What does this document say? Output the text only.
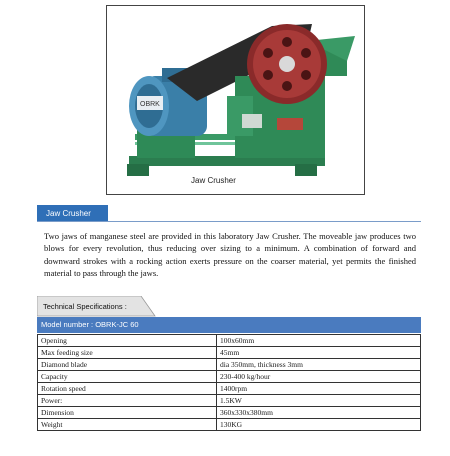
OBRK
Jaw Crusher
Jaw Crusher

Two jaws of manganese steel are provided in this laboratory Jaw Crusher. The moveable jaw produces two blows for every revolution, thus reducing over sizing to a minimum. A combination of forward and downward strokes with a rocking action exerts pressure on the coarser material, yet permits the finished material to pass through the jaws.

Technical Specifications :
Model number : OBRK-JC 60
Opening	100x60mm
Max feeding size	45mm
Diamond blade	dia 350mm, thickness 3mm
Capacity	230-400 kg/hour
Rotation speed	1400rpm
Power:	1.5KW
Dimension	360x330x380mm
Weight	130KG
